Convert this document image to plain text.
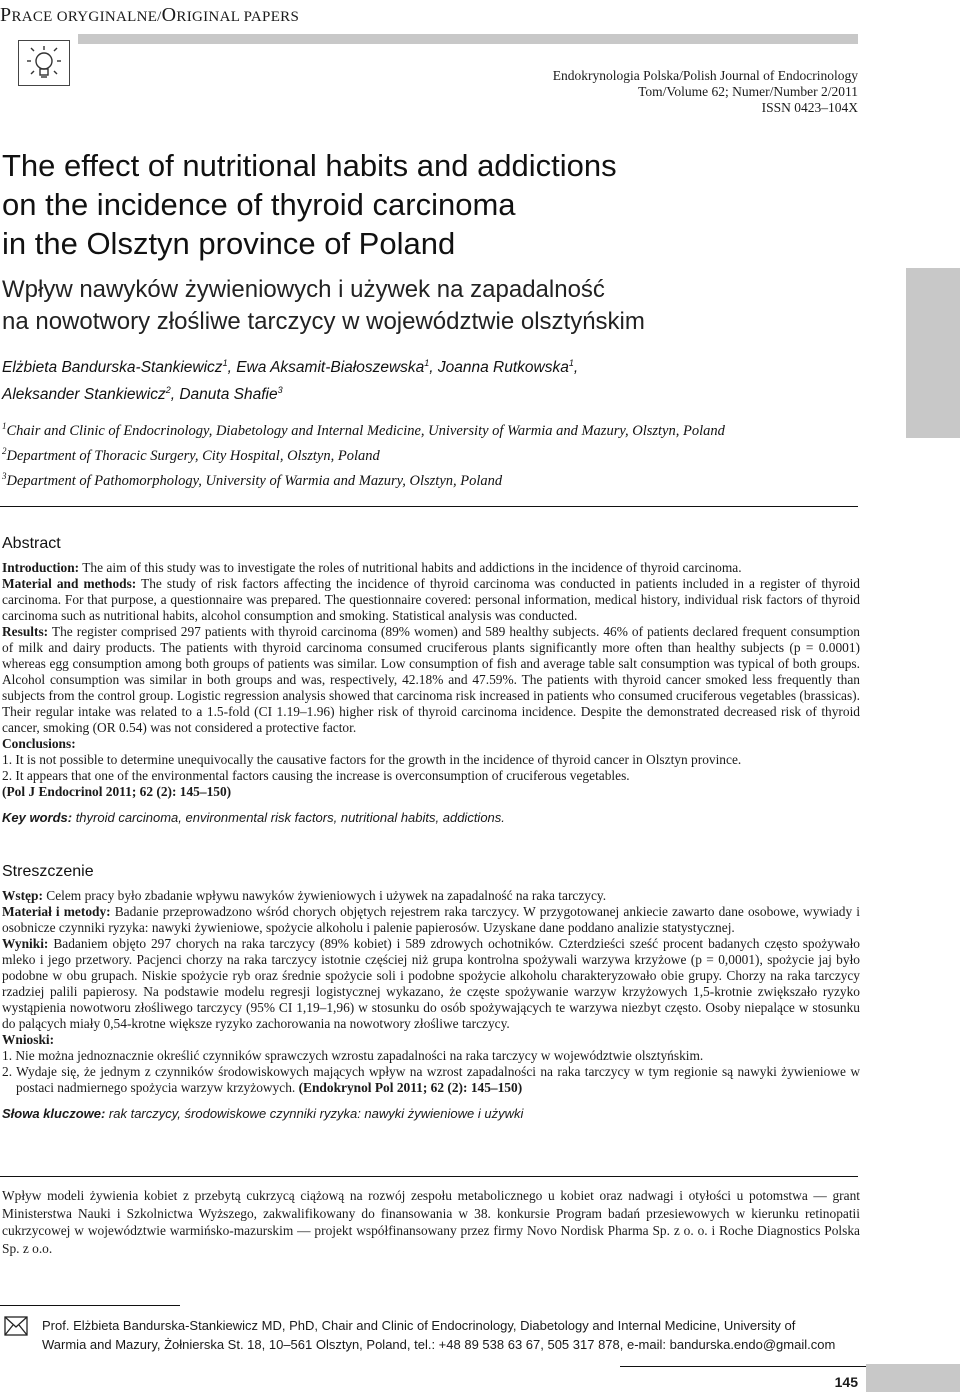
PRACE ORYGINALNE/ORIGINAL PAPERS
Endokrynologia Polska/Polish Journal of Endocrinology
Tom/Volume 62; Numer/Number 2/2011
ISSN 0423–104X
The effect of nutritional habits and addictions
on the incidence of thyroid carcinoma
in the Olsztyn province of Poland
Wpływ nawyków żywieniowych i używek na zapadalność
na nowotwory złośliwe tarczycy w województwie olsztyńskim
Elżbieta Bandurska-Stankiewicz$^1$, Ewa Aksamit-Białoszewska$^1$, Joanna Rutkowska$^1$,
Aleksander Stankiewicz$^2$, Danuta Shafie$^3$
$^1$Chair and Clinic of Endocrinology, Diabetology and Internal Medicine, University of Warmia and Mazury, Olsztyn, Poland
$^2$Department of Thoracic Surgery, City Hospital, Olsztyn, Poland
$^3$Department of Pathomorphology, University of Warmia and Mazury, Olsztyn, Poland
Abstract

Introduction: The aim of this study was to investigate the roles of nutritional habits and addictions in the incidence of thyroid carcinoma.

Material and methods: The study of risk factors affecting the incidence of thyroid carcinoma was conducted in patients included in a register of thyroid carcinoma. For that purpose, a questionnaire was prepared. The questionnaire covered: personal information, medical history, individual risk factors of thyroid carcinoma such as nutritional habits, alcohol consumption and smoking. Statistical analysis was conducted.

Results: The register comprised 297 patients with thyroid carcinoma (89% women) and 589 healthy subjects. 46% of patients declared frequent consumption of milk and dairy products. The patients with thyroid carcinoma consumed cruciferous plants significantly more often than healthy subjects (p = 0.0001) whereas egg consumption among both groups of patients was similar. Low consumption of fish and average table salt consumption was typical of both groups. Alcohol consumption was similar in both groups and was, respectively, 42.18% and 47.59%. The patients with thyroid cancer smoked less frequently than subjects from the control group. Logistic regression analysis showed that carcinoma risk increased in patients who consumed cruciferous vegetables (brassicas). Their regular intake was related to a 1.5-fold (CI 1.19–1.96) higher risk of thyroid carcinoma incidence. Despite the demonstrated decreased risk of thyroid cancer, smoking (OR 0.54) was not considered a protective factor.

Conclusions:

1. It is not possible to determine unequivocally the causative factors for the growth in the incidence of thyroid cancer in Olsztyn province.

2. It appears that one of the environmental factors causing the increase is overconsumption of cruciferous vegetables.

(Pol J Endocrinol 2011; 62 (2): 145–150)

Key words: thyroid carcinoma, environmental risk factors, nutritional habits, addictions.

Streszczenie

Wstęp: Celem pracy było zbadanie wpływu nawyków żywieniowych i używek na zapadalność na raka tarczycy.

Materiał i metody: Badanie przeprowadzono wśród chorych objętych rejestrem raka tarczycy. W przygotowanej ankiecie zawarto dane osobowe, wywiady i osobnicze czynniki ryzyka: nawyki żywieniowe, spożycie alkoholu i palenie papierosów. Uzyskane dane poddano analizie statystycznej.

Wyniki: Badaniem objęto 297 chorych na raka tarczycy (89% kobiet) i 589 zdrowych ochotników. Czterdzieści sześć procent badanych często spożywało mleko i jego przetwory. Pacjenci chorzy na raka tarczycy istotnie częściej niż grupa kontrolna spożywali warzywa krzyżowe (p = 0,0001), spożycie jaj było podobne w obu grupach. Niskie spożycie ryb oraz średnie spożycie soli i podobne spożycie alkoholu charakteryzowało obie grupy. Chorzy na raka tarczycy rzadziej palili papierosy. Na podstawie modelu regresji logistycznej wykazano, że częste spożywanie warzyw krzyżowych 1,5-krotnie zwiększało ryzyko wystąpienia nowotworu złośliwego tarczycy (95% CI 1,19–1,96) w stosunku do osób spożywających te warzywa niezbyt często. Osoby niepalące w stosunku do palących miały 0,54-krotne większe ryzyko zachorowania na nowotwory złośliwe tarczycy.

Wnioski:

1. Nie można jednoznacznie określić czynników sprawczych wzrostu zapadalności na raka tarczycy w województwie olsztyńskim.

2. Wydaje się, że jednym z czynników środowiskowych mających wpływ na wzrost zapadalności na raka tarczycy w tym regionie są nawyki żywieniowe w postaci nadmiernego spożycia warzyw krzyżowych. (Endokrynol Pol 2011; 62 (2): 145–150)

Słowa kluczowe: rak tarczycy, środowiskowe czynniki ryzyka: nawyki żywieniowe i używki

Wpływ modeli żywienia kobiet z przebytą cukrzycą ciążową na rozwój zespołu metabolicznego u kobiet oraz nadwagi i otyłości u potomstwa — grant Ministerstwa Nauki i Szkolnictwa Wyższego, zakwalifikowany do finansowania w 38. konkursie Program badań przesiewowych w kierunku retinopatii cukrzycowej w województwie warmińsko-mazurskim — projekt współfinansowany przez firmy Novo Nordisk Pharma Sp. z o. o. i Roche Diagnostics Polska Sp. z o.o.
Prof. Elżbieta Bandurska-Stankiewicz MD, PhD, Chair and Clinic of Endocrinology, Diabetology and Internal Medicine, University of
Warmia and Mazury, Żołnierska St. 18, 10–561 Olsztyn, Poland, tel.: +48 89 538 63 67, 505 317 878, e-mail: bandurska.endo@gmail.com
145
